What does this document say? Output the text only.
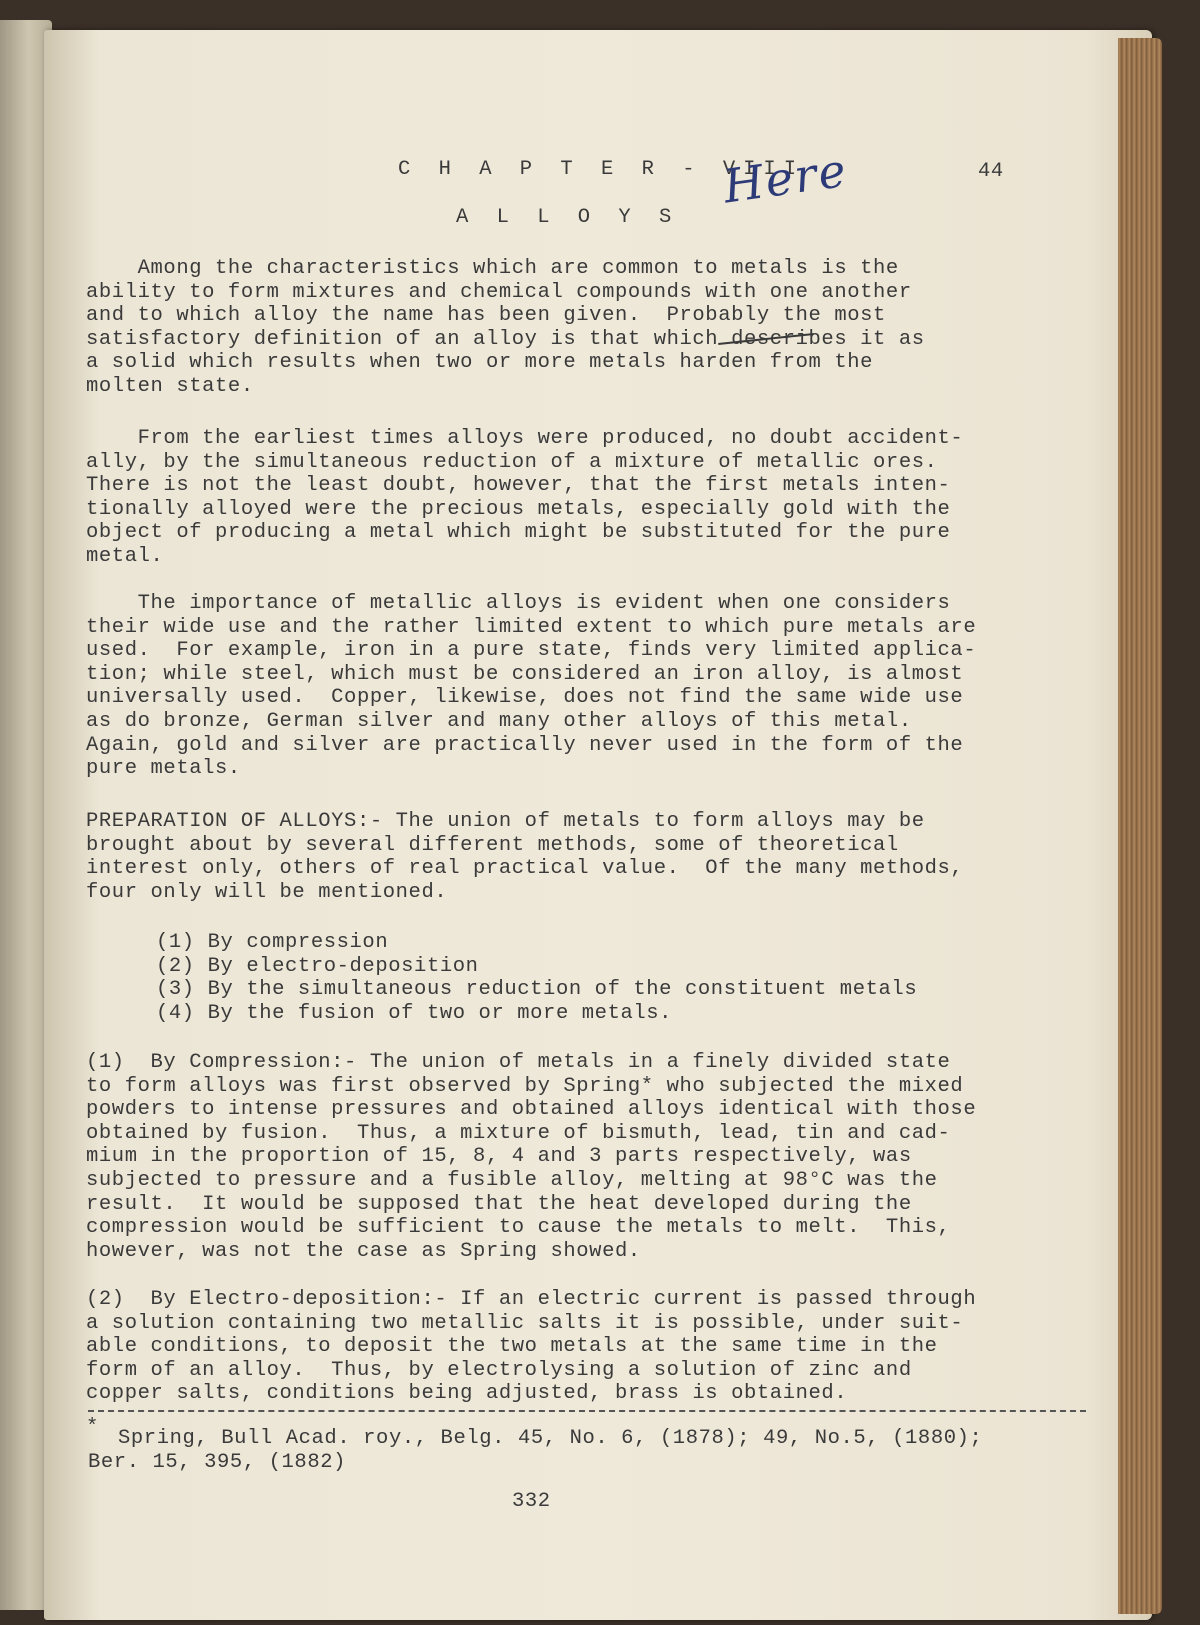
C H A P T E R - VIII	44
A L L O Y S
Here
Among the characteristics which are common to metals is the
ability to form mixtures and chemical compounds with one another
and to which alloy the name has been given.  Probably the most
satisfactory definition of an alloy is that which describes it as
a solid which results when two or more metals harden from the
molten state.
From the earliest times alloys were produced, no doubt accident-
ally, by the simultaneous reduction of a mixture of metallic ores.
There is not the least doubt, however, that the first metals inten-
tionally alloyed were the precious metals, especially gold with the
object of producing a metal which might be substituted for the pure
metal.
The importance of metallic alloys is evident when one considers
their wide use and the rather limited extent to which pure metals are
used.  For example, iron in a pure state, finds very limited applica-
tion; while steel, which must be considered an iron alloy, is almost
universally used.  Copper, likewise, does not find the same wide use
as do bronze, German silver and many other alloys of this metal.
Again, gold and silver are practically never used in the form of the
pure metals.
PREPARATION OF ALLOYS:- The union of metals to form alloys may be
brought about by several different methods, some of theoretical
interest only, others of real practical value.  Of the many methods,
four only will be mentioned.
(1) By compression
(2) By electro-deposition
(3) By the simultaneous reduction of the constituent metals
(4) By the fusion of two or more metals.
(1)  By Compression:- The union of metals in a finely divided state
to form alloys was first observed by Spring* who subjected the mixed
powders to intense pressures and obtained alloys identical with those
obtained by fusion.  Thus, a mixture of bismuth, lead, tin and cad-
mium in the proportion of 15, 8, 4 and 3 parts respectively, was
subjected to pressure and a fusible alloy, melting at 98°C was the
result.  It would be supposed that the heat developed during the
compression would be sufficient to cause the metals to melt.  This,
however, was not the case as Spring showed.
(2)  By Electro-deposition:- If an electric current is passed through
a solution containing two metallic salts it is possible, under suit-
able conditions, to deposit the two metals at the same time in the
form of an alloy.  Thus, by electrolysing a solution of zinc and
copper salts, conditions being adjusted, brass is obtained.
* Spring, Bull Acad. roy., Belg. 45, No. 6, (1878); 49, No.5, (1880);
Ber. 15, 395, (1882)
332
